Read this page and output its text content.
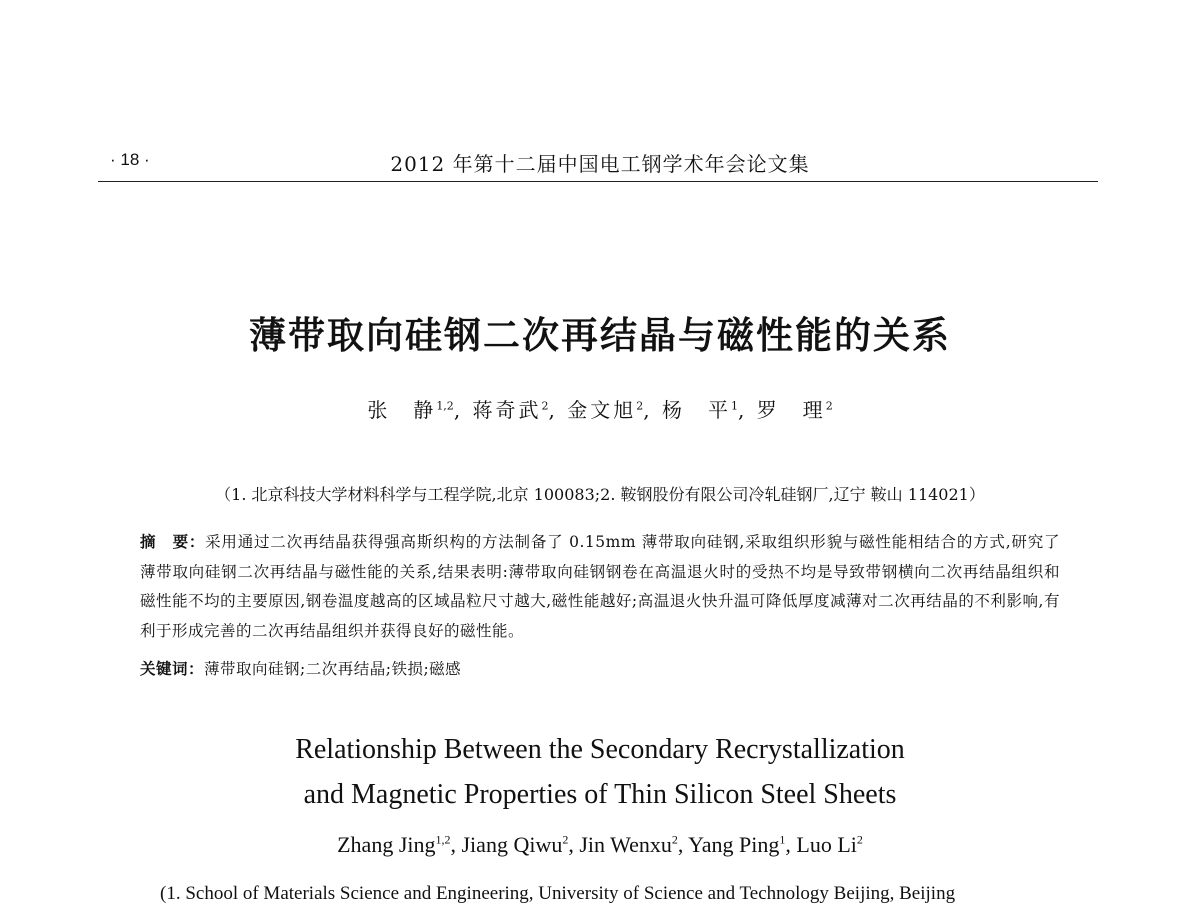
· 18 ·	2012 年第十二届中国电工钢学术年会论文集
薄带取向硅钢二次再结晶与磁性能的关系
张　静$^{1,2}$, 蒋奇武$^2$, 金文旭$^2$, 杨　平$^1$, 罗　理$^2$
（1. 北京科技大学材料科学与工程学院,北京 100083;2. 鞍钢股份有限公司冷轧硅钢厂,辽宁 鞍山 114021）
摘　要：采用通过二次再结晶获得强高斯织构的方法制备了 0.15mm 薄带取向硅钢,采取组织形貌与磁性能相结合的方式,研究了薄带取向硅钢二次再结晶与磁性能的关系,结果表明:薄带取向硅钢钢卷在高温退火时的受热不均是导致带钢横向二次再结晶组织和磁性能不均的主要原因,钢卷温度越高的区域晶粒尺寸越大,磁性能越好;高温退火快升温可降低厚度减薄对二次再结晶的不利影响,有利于形成完善的二次再结晶组织并获得良好的磁性能。
关键词：薄带取向硅钢;二次再结晶;铁损;磁感
Relationship Between the Secondary Recrystallization
and Magnetic Properties of Thin Silicon Steel Sheets
Zhang Jing$^{1,2}$, Jiang Qiwu$^2$, Jin Wenxu$^2$, Yang Ping$^1$, Luo Li$^2$
(1. School of Materials Science and Engineering, University of Science and Technology Beijing, Beijing
